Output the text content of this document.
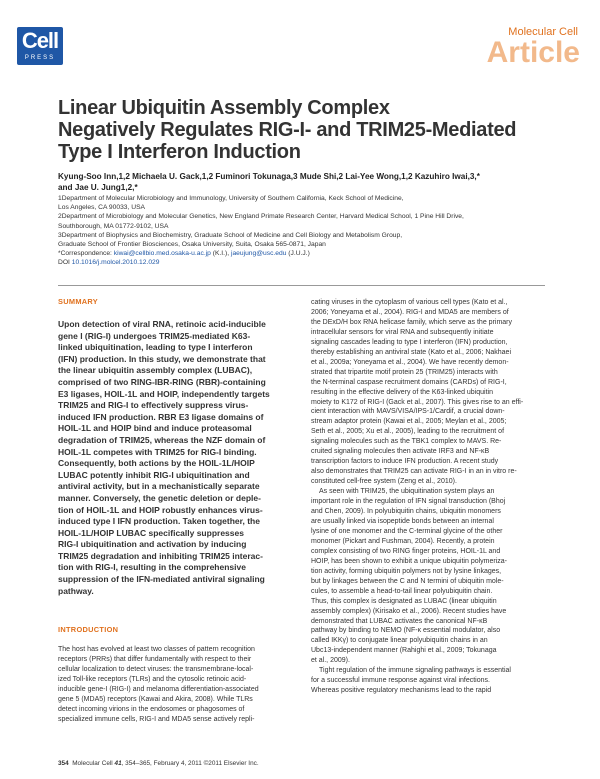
Cell
PRESS
Molecular Cell
Article
Linear Ubiquitin Assembly Complex
Negatively Regulates RIG-I- and TRIM25-Mediated
Type I Interferon Induction
Kyung-Soo Inn,1,2 Michaela U. Gack,1,2 Fuminori Tokunaga,3 Mude Shi,2 Lai-Yee Wong,1,2 Kazuhiro Iwai,3,*
and Jae U. Jung1,2,*
1Department of Molecular Microbiology and Immunology, University of Southern California, Keck School of Medicine,
Los Angeles, CA 90033, USA
2Department of Microbiology and Molecular Genetics, New England Primate Research Center, Harvard Medical School, 1 Pine Hill Drive,
Southborough, MA 01772-9102, USA
3Department of Biophysics and Biochemistry, Graduate School of Medicine and Cell Biology and Metabolism Group,
Graduate School of Frontier Biosciences, Osaka University, Suita, Osaka 565-0871, Japan
*Correspondence: kiwai@cellbio.med.osaka-u.ac.jp (K.I.), jaeujung@usc.edu (J.U.J.)
DOI 10.1016/j.molcel.2010.12.029
SUMMARY
Upon detection of viral RNA, retinoic acid-inducible
gene I (RIG-I) undergoes TRIM25-mediated K63-
linked ubiquitination, leading to type I interferon
(IFN) production. In this study, we demonstrate that
the linear ubiquitin assembly complex (LUBAC),
comprised of two RING-IBR-RING (RBR)-containing
E3 ligases, HOIL-1L and HOIP, independently targets
TRIM25 and RIG-I to effectively suppress virus-
induced IFN production. RBR E3 ligase domains of
HOIL-1L and HOIP bind and induce proteasomal
degradation of TRIM25, whereas the NZF domain of
HOIL-1L competes with TRIM25 for RIG-I binding.
Consequently, both actions by the HOIL-1L/HOIP
LUBAC potently inhibit RIG-I ubiquitination and
antiviral activity, but in a mechanistically separate
manner. Conversely, the genetic deletion or deple-
tion of HOIL-1L and HOIP robustly enhances virus-
induced type I IFN production. Taken together, the
HOIL-1L/HOIP LUBAC specifically suppresses
RIG-I ubiquitination and activation by inducing
TRIM25 degradation and inhibiting TRIM25 interac-
tion with RIG-I, resulting in the comprehensive
suppression of the IFN-mediated antiviral signaling
pathway.
INTRODUCTION
The host has evolved at least two classes of pattern recognition
receptors (PRRs) that differ fundamentally with respect to their
cellular localization to detect viruses: the transmembrane-local-
ized Toll-like receptors (TLRs) and the cytosolic retinoic acid-
inducible gene-I (RIG-I) and melanoma differentiation-associated
gene 5 (MDA5) receptors (Kawai and Akira, 2008). While TLRs
detect incoming virions in the endosomes or phagosomes of
specialized immune cells, RIG-I and MDA5 sense actively repli-
cating viruses in the cytoplasm of various cell types (Kato et al.,
2006; Yoneyama et al., 2004). RIG-I and MDA5 are members of
the DExD/H box RNA helicase family, which serve as the primary
intracellular sensors for viral RNA and subsequently initiate
signaling cascades leading to type I interferon (IFN) production,
thereby establishing an antiviral state (Kato et al., 2006; Nakhaei
et al., 2009a; Yoneyama et al., 2004). We have recently demon-
strated that tripartite motif protein 25 (TRIM25) interacts with
the N-terminal caspase recruitment domains (CARDs) of RIG-I,
resulting in the effective delivery of the K63-linked ubiquitin
moiety to K172 of RIG-I (Gack et al., 2007). This gives rise to an effi-
cient interaction with MAVS/VISA/IPS-1/Cardif, a crucial down-
stream adaptor protein (Kawai et al., 2005; Meylan et al., 2005;
Seth et al., 2005; Xu et al., 2005), leading to the recruitment of
signaling molecules such as the TBK1 complex to MAVS. Re-
cruited signaling molecules then activate IRF3 and NF-κB
transcription factors to induce IFN production. A recent study
also demonstrates that TRIM25 can activate RIG-I in an in vitro re-
constituted cell-free system (Zeng et al., 2010).
As seen with TRIM25, the ubiquitination system plays an
important role in the regulation of IFN signal transduction (Bhoj
and Chen, 2009). In polyubiquitin chains, ubiquitin monomers
are usually linked via isopeptide bonds between an internal
lysine of one monomer and the C-terminal glycine of the other
monomer (Pickart and Fushman, 2004). Recently, a protein
complex consisting of two RING finger proteins, HOIL-1L and
HOIP, has been shown to exhibit a unique ubiquitin polymeriza-
tion activity, forming ubiquitin polymers not by lysine linkages,
but by linkages between the C and N termini of ubiquitin mole-
cules, to assemble a head-to-tail linear polyubiquitin chain.
Thus, this complex is designated as LUBAC (linear ubiquitin
assembly complex) (Kirisako et al., 2006). Recent studies have
demonstrated that LUBAC activates the canonical NF-κB
pathway by binding to NEMO (NF-κ essential modulator, also
called IKKγ) to conjugate linear polyubiquitin chains in an
Ubc13-independent manner (Rahighi et al., 2009; Tokunaga
et al., 2009).
Tight regulation of the immune signaling pathways is essential
for a successful immune response against viral infections.
Whereas positive regulatory mechanisms lead to the rapid
354 Molecular Cell 41, 354–365, February 4, 2011 ©2011 Elsevier Inc.
